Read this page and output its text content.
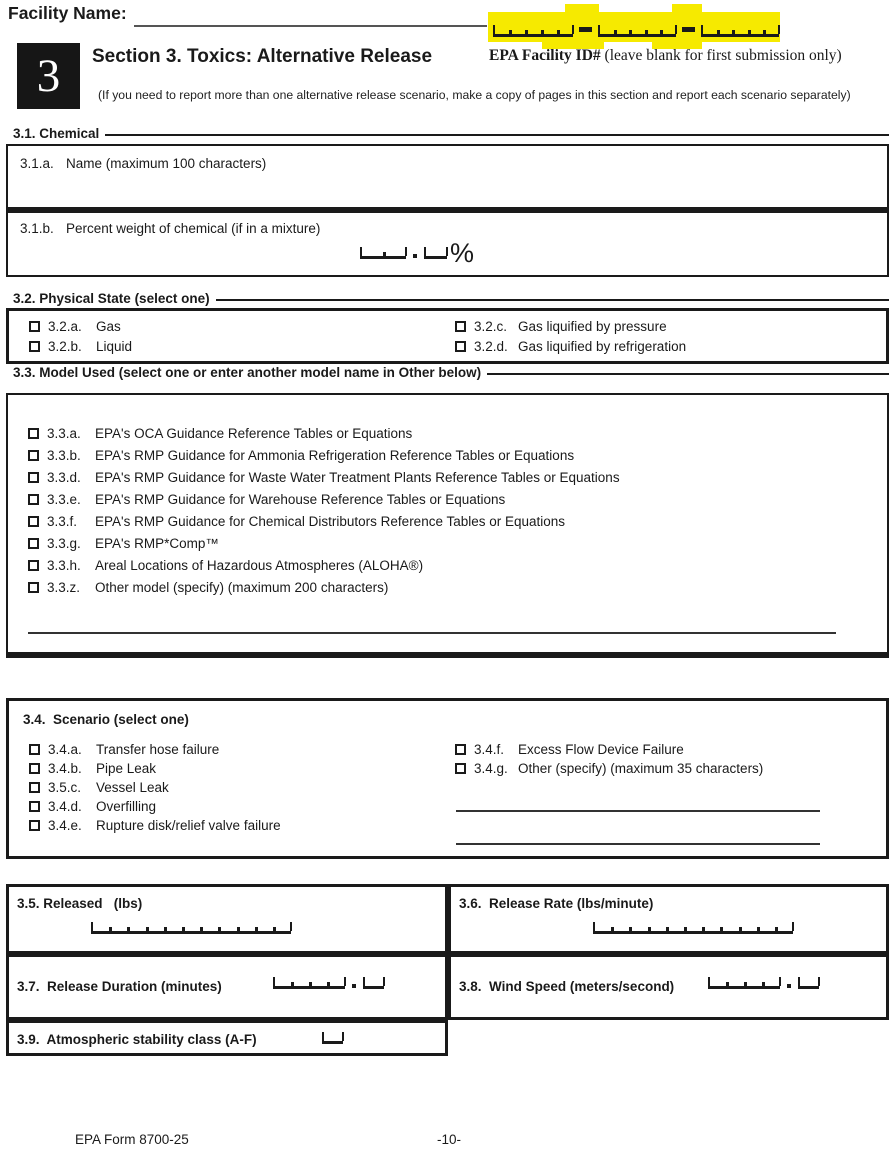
Facility Name:
EPA Facility ID# (leave blank for first submission only)
3 Section 3. Toxics: Alternative Release
(If you need to report more than one alternative release scenario, make a copy of pages in this section and report each scenario separately)
3.1. Chemical
3.1.a. Name (maximum 100 characters)
3.1.b. Percent weight of chemical (if in a mixture)
%
3.2. Physical State (select one)
3.2.a.	Gas
3.2.b.	Liquid
3.2.c. Gas liquified by pressure
3.2.d. Gas liquified by refrigeration
3.3. Model Used (select one or enter another model name in Other below)
3.3.a.	EPA's OCA Guidance Reference Tables or Equations
3.3.b.	EPA's RMP Guidance for Ammonia Refrigeration Reference Tables or Equations
3.3.d.	EPA's RMP Guidance for Waste Water Treatment Plants Reference Tables or Equations
3.3.e.	EPA's RMP Guidance for Warehouse Reference Tables or Equations
3.3.f.	EPA's RMP Guidance for Chemical Distributors Reference Tables or Equations
3.3.g.	EPA's RMP*Comp™
3.3.h.	Areal Locations of Hazardous Atmospheres (ALOHA®)
3.3.z.	Other model (specify) (maximum 200 characters)
3.4.  Scenario (select one)
3.4.a.	Transfer hose failure
3.4.b.	Pipe Leak
3.5.c.	Vessel Leak
3.4.d.	Overfilling
3.4.e.	Rupture disk/relief valve failure
3.4.f.	Excess Flow Device Failure
3.4.g. Other (specify) (maximum 35 characters)
3.5. Released   (lbs)	3.6.  Release Rate (lbs/minute)
3.7.  Release Duration (minutes)	3.8.  Wind Speed (meters/second)
3.9.  Atmospheric stability class (A-F)
EPA Form 8700-25	-10-
